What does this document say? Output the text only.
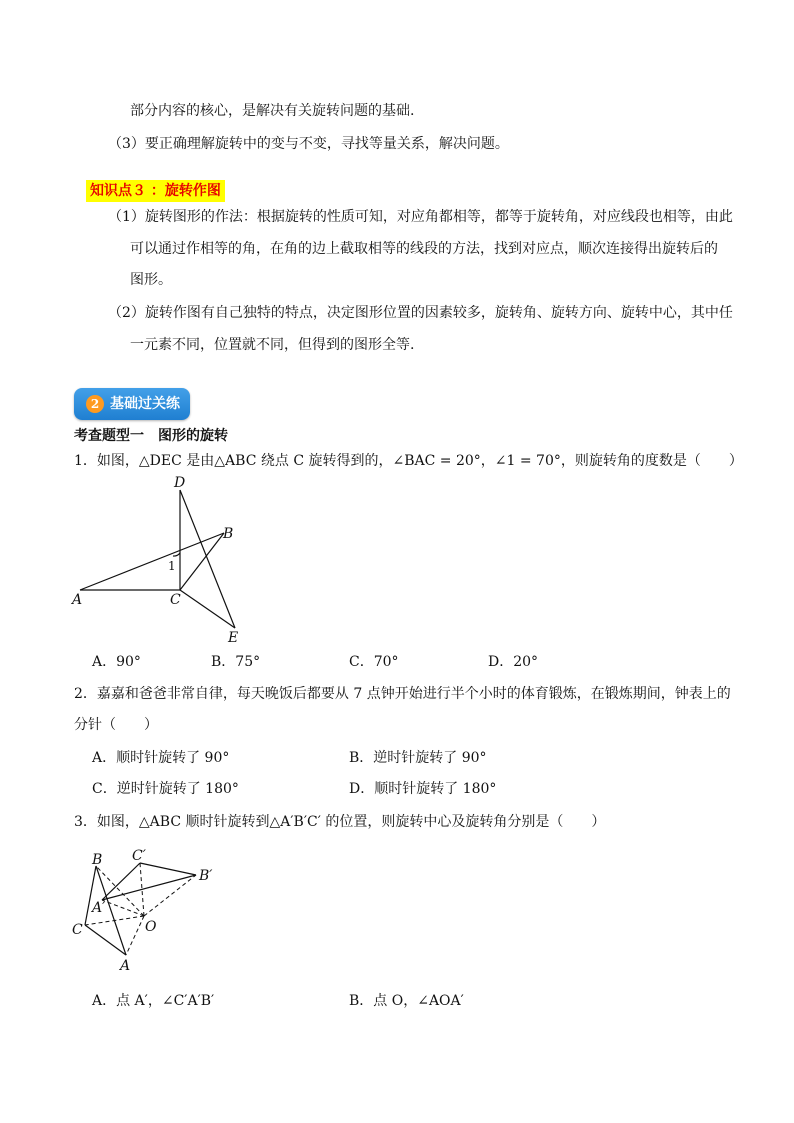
部分内容的核心，是解决有关旋转问题的基础.
（3）要正确理解旋转中的变与不变，寻找等量关系，解决问题。
知识点３ ：旋转作图
（1）旋转图形的作法：根据旋转的性质可知，对应角都相等，都等于旋转角，对应线段也相等，由此
可以通过作相等的角，在角的边上截取相等的线段的方法，找到对应点，顺次连接得出旋转后的
图形。
（2）旋转作图有自己独特的特点，决定图形位置的因素较多，旋转角、旋转方向、旋转中心，其中任
一元素不同，位置就不同，但得到的图形全等.
2 基础过关练
考查题型一　图形的旋转
1．如图，△DEC 是由△ABC 绕点 C 旋转得到的，∠BAC = 20°，∠1 = 70°，则旋转角的度数是（　　）
D
B
1
A	C
E
A．90°	B．75°	C．70°	D．20°
2．嘉嘉和爸爸非常自律，每天晚饭后都要从 7 点钟开始进行半个小时的体育锻炼，在锻炼期间，钟表上的
分针（　　）
A．顺时针旋转了 90°	B．逆时针旋转了 90°
C．逆时针旋转了 180°	D．顺时针旋转了 180°
3．如图，△ABC 顺时针旋转到△A′B′C′ 的位置，则旋转中心及旋转角分别是（　　）
B C′
B′
A′
C	O
A
A．点 A′，∠C′A′B′	B．点 O，∠AOA′
